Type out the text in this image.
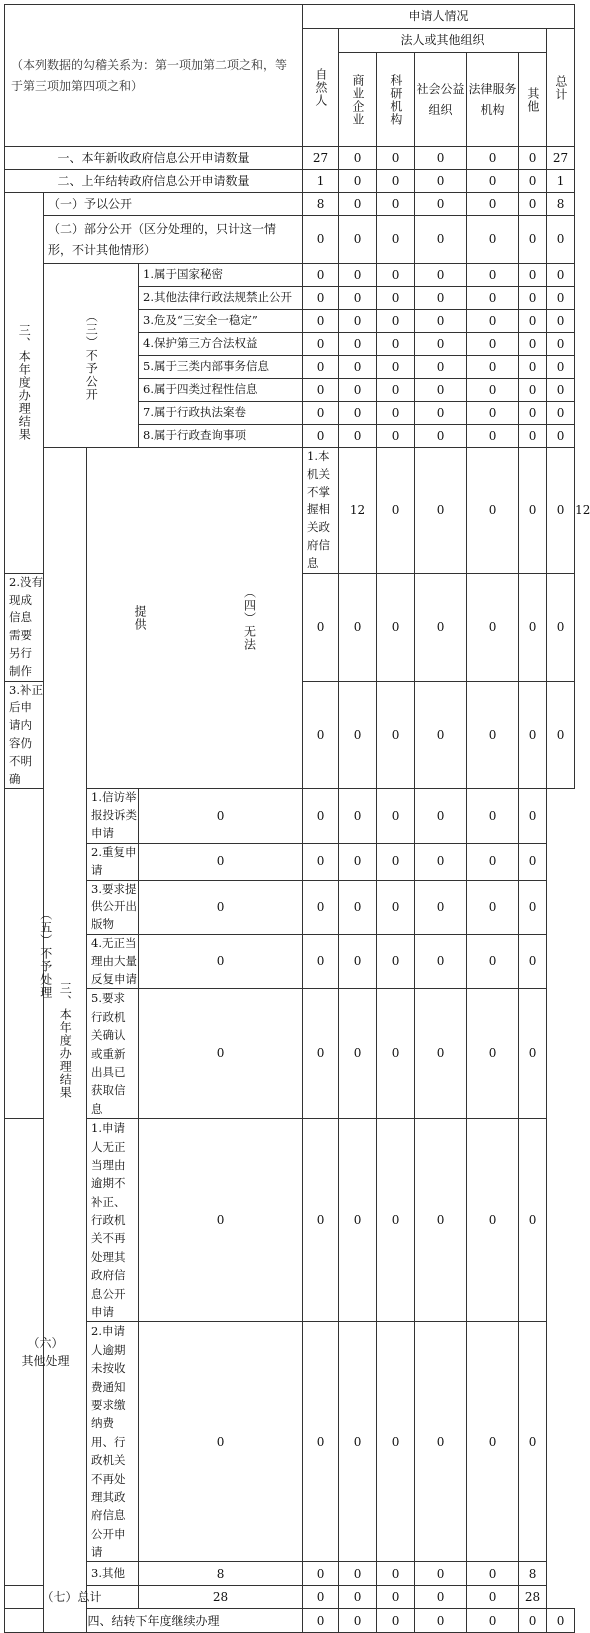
（本列数据的勾稽关系为：第一项加第二项之和，等于第三项加第四项之和）				申请人情况							

				自然人	法人或其他组织					总计	

					商业企业	科研机构	社会公益组织	法律服务机构	其他		

一、本年新收政府信息公开申请数量				27	0	0	0	0	0	27	
二、上年结转政府信息公开申请数量				1	0	0	0	0	0	1	

三、本年度办理结果	（一）予以公开			8	0	0	0	0	0	8	
	（二）部分公开（区分处理的，只计这一情形，不计其他情形）			0	0	0	0	0	0	0	

	（三）不予公开		1.属于国家秘密	0	0	0	0	0	0	0	
			2.其他法律行政法规禁止公开	0	0	0	0	0	0	0	
			3.危及“三安全一稳定”	0	0	0	0	0	0	0	
			4.保护第三方合法权益	0	0	0	0	0	0	0	
			5.属于三类内部事务信息	0	0	0	0	0	0	0	
			6.属于四类过程性信息	0	0	0	0	0	0	0	
			7.属于行政执法案卷	0	0	0	0	0	0	0	
			8.属于行政查询事项	0	0	0	0	0	0	0	

	三、本年度办理结果	提供 （四）无法		1.本机关不掌握相关政府信息	12	0	0	0	0	0	12
2.没有现成信息需要另行制作				0	0	0	0	0	0	0	
3.补正后申请内容仍不明确				0	0	0	0	0	0	0	

（五）不予处理		1.信访举报投诉类申请	0	0	0	0	0	0	0		
		2.重复申请	0	0	0	0	0	0	0		
		3.要求提供公开出版物	0	0	0	0	0	0	0		
		4.无正当理由大量反复申请	0	0	0	0	0	0	0		
		5.要求行政机关确认或重新出具已获取信息	0	0	0	0	0	0	0		

（六）
其他处理		1.申请人无正当理由逾期不补正、行政机关不再处理其政府信息公开申请	0	0	0	0	0	0	0		
		2.申请人逾期未按收费通知要求缴纳费用、行政机关不再处理其政府信息公开申请	0	0	0	0	0	0	0		
		3.其他	8	0	0	0	0	0	8		
（七）总计			28	0	0	0	0	0	28		
四、结转下年度继续办理				0	0	0	0	0	0	0	
